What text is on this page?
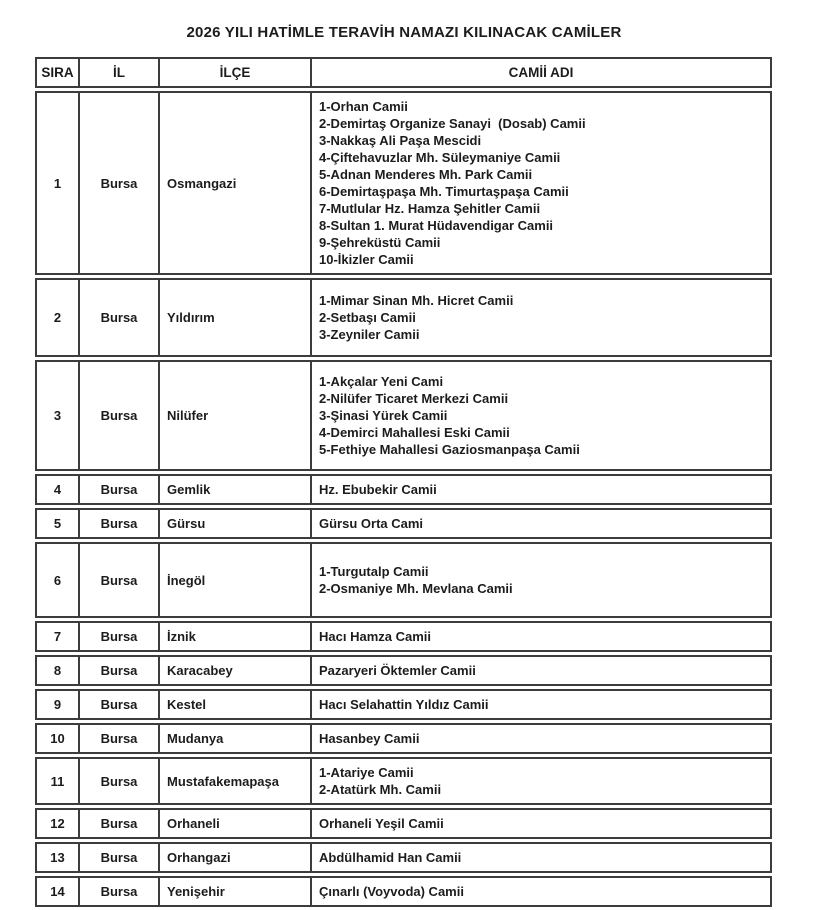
2026 YILI HATİMLE TERAVİH NAMAZI KILINACAK CAMİLER
SIRA	İL	İLÇE	CAMİİ ADI
1	Bursa	Osmangazi	
1-Orhan Camii
2-Demirtaş Organize Sanayi  (Dosab) Camii
3-Nakkaş Ali Paşa Mescidi
4-Çiftehavuzlar Mh. Süleymaniye Camii
5-Adnan Menderes Mh. Park Camii
6-Demirtaşpaşa Mh. Timurtaşpaşa Camii
7-Mutlular Hz. Hamza Şehitler Camii
8-Sultan 1. Murat Hüdavendigar Camii
9-Şehreküstü Camii
10-İkizler Camii

2	Bursa	Yıldırım	1-Mimar Sinan Mh. Hicret Camii
2-Setbaşı Camii
3-Zeyniler Camii

3	Bursa	Nilüfer	1-Akçalar Yeni Cami
2-Nilüfer Ticaret Merkezi Camii
3-Şinasi Yürek Camii
4-Demirci Mahallesi Eski Camii
5-Fethiye Mahallesi Gaziosmanpaşa Camii

4	Bursa	Gemlik	Hz. Ebubekir Camii

5	Bursa	Gürsu	Gürsu Orta Cami

6	Bursa	İnegöl	1-Turgutalp Camii
2-Osmaniye Mh. Mevlana Camii

7	Bursa	İznik	Hacı Hamza Camii

8	Bursa	Karacabey	Pazaryeri Öktemler Camii

9	Bursa	Kestel	Hacı Selahattin Yıldız Camii

10	Bursa	Mudanya	Hasanbey Camii

11	Bursa	Mustafakemapaşa	1-Atariye Camii
2-Atatürk Mh. Camii

12	Bursa	Orhaneli	Orhaneli Yeşil Camii

13	Bursa	Orhangazi	Abdülhamid Han Camii

14	Bursa	Yenişehir	Çınarlı (Voyvoda) Camii
